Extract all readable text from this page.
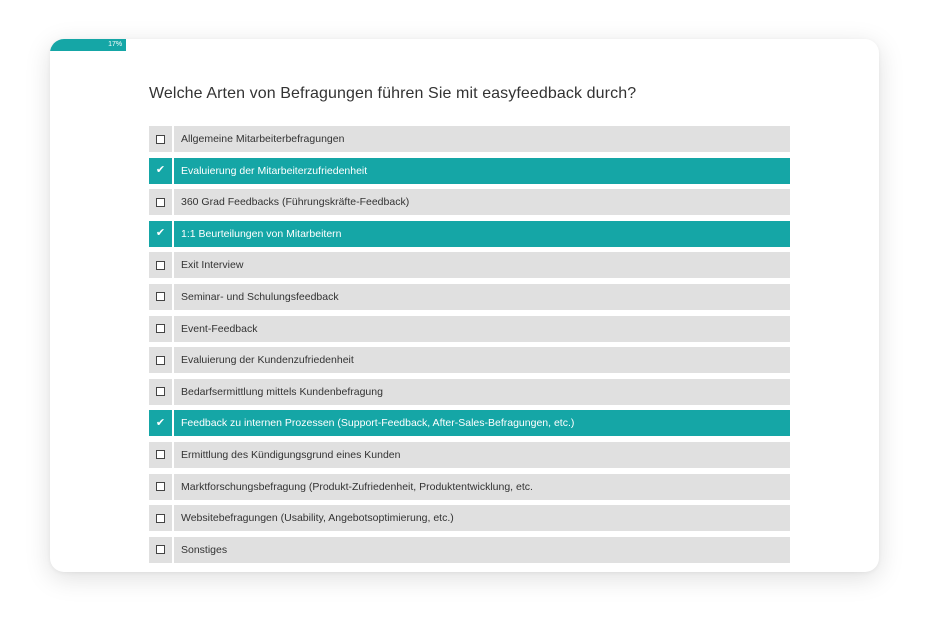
17%
Welche Arten von Befragungen führen Sie mit easyfeedback durch?
Allgemeine Mitarbeiterbefragungen
✔	Evaluierung der Mitarbeiterzufriedenheit
360 Grad Feedbacks (Führungskräfte-Feedback)
✔	1:1 Beurteilungen von Mitarbeitern
Exit Interview
Seminar- und Schulungsfeedback
Event-Feedback
Evaluierung der Kundenzufriedenheit
Bedarfsermittlung mittels Kundenbefragung
✔	Feedback zu internen Prozessen (Support-Feedback, After-Sales-Befragungen, etc.)
Ermittlung des Kündigungsgrund eines Kunden
Marktforschungsbefragung (Produkt-Zufriedenheit, Produktentwicklung, etc.
Websitebefragungen (Usability, Angebotsoptimierung, etc.)
Sonstiges
